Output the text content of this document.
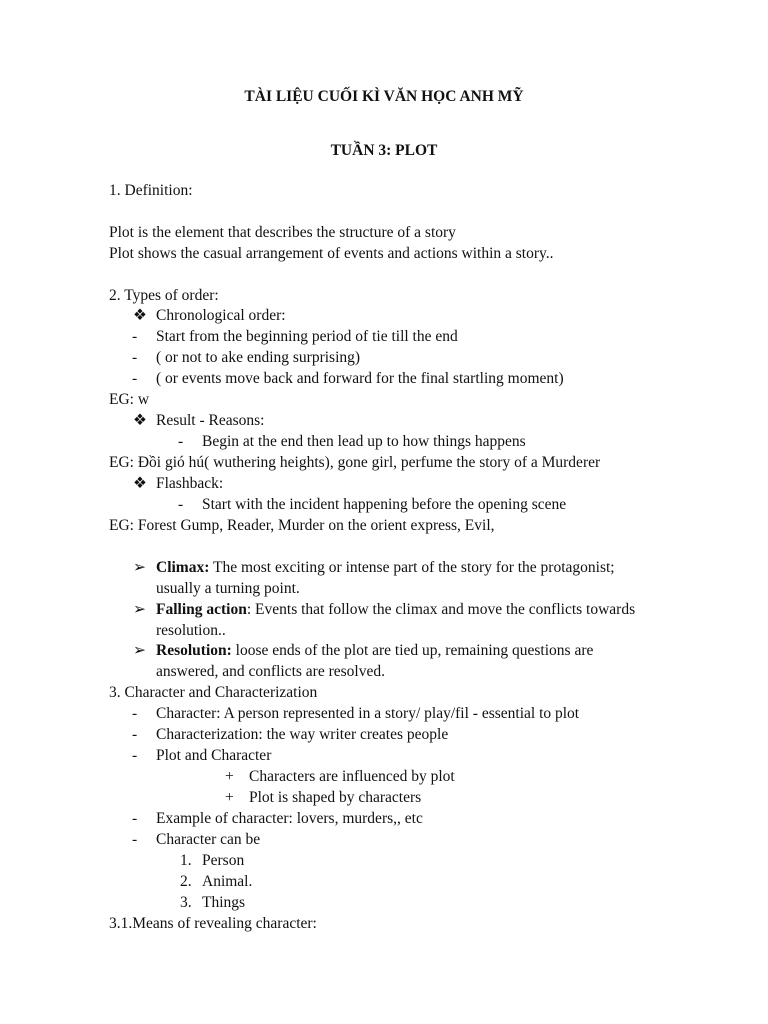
TÀI LIỆU CUỐI KÌ VĂN HỌC ANH MỸ
TUẦN 3: PLOT
1. Definition:
Plot is the element that describes the structure of a story
Plot shows the casual arrangement of events and actions within a story..
2. Types of order:
❖ Chronological order:
- Start from the beginning period of tie till the end
- ( or not to ake ending surprising)
- ( or events move back and forward for the final startling moment)
EG: w
❖ Result - Reasons:
- Begin at the end then lead up to how things happens
EG: Đồi gió hú( wuthering heights), gone girl, perfume the story of a Murderer
❖ Flashback:
- Start with the incident happening before the opening scene
EG: Forest Gump, Reader, Murder on the orient express, Evil,
➢ Climax: The most exciting or intense part of the story for the protagonist;
usually a turning point.
➢ Falling action: Events that follow the climax and move the conflicts towards
resolution..
➢ Resolution: loose ends of the plot are tied up, remaining questions are
answered, and conflicts are resolved.
3. Character and Characterization
- Character: A person represented in a story/ play/fil - essential to plot
- Characterization: the way writer creates people
- Plot and Character
+ Characters are influenced by plot
+ Plot is shaped by characters
- Example of character: lovers, murders,, etc
- Character can be
1. Person
2. Animal.
3. Things
3.1.Means of revealing character:
